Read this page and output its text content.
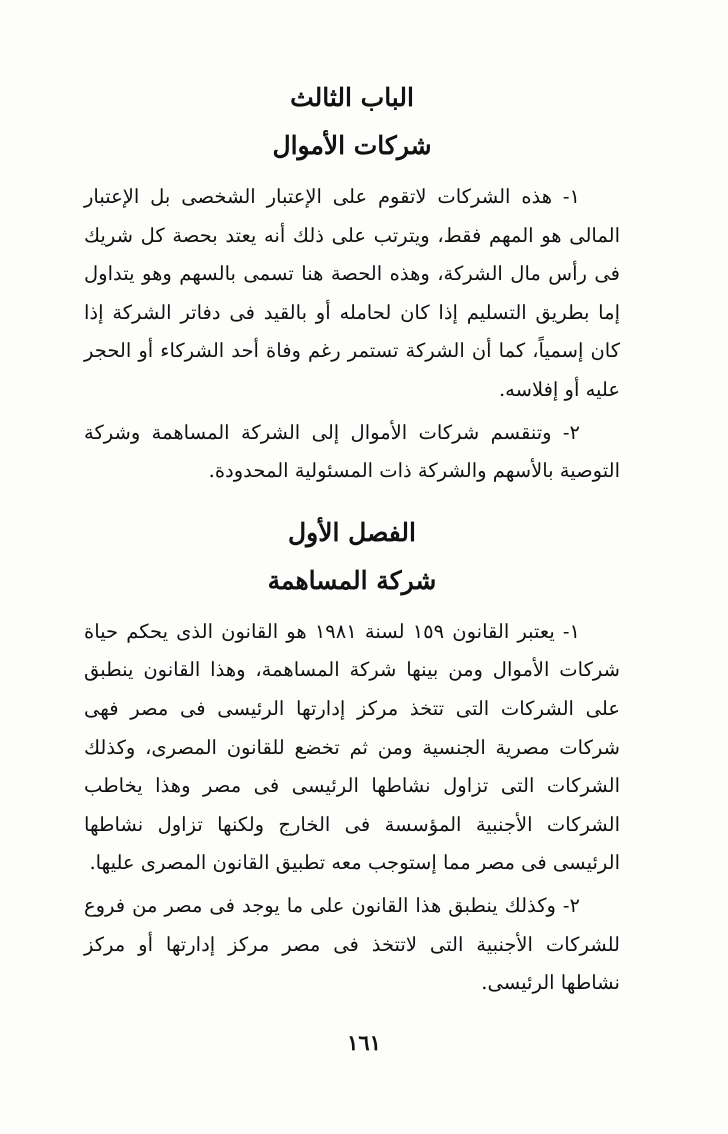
الباب الثالث
شركات الأموال

١- هذه الشركات لاتقوم على الإعتبار الشخصى بل الإعتبار المالى هو المهم فقط، ويترتب على ذلك أنه يعتد بحصة كل شريك فى رأس مال الشركة، وهذه الحصة هنا تسمى بالسهم وهو يتداول إما بطريق التسليم إذا كان لحامله أو بالقيد فى دفاتر الشركة إذا كان إسمياً، كما أن الشركة تستمر رغم وفاة أحد الشركاء أو الحجر عليه أو إفلاسه.

٢- وتنقسم شركات الأموال إلى الشركة المساهمة وشركة التوصية بالأسهم والشركة ذات المسئولية المحدودة.

الفصل الأول
شركة المساهمة

١- يعتبر القانون ١٥٩ لسنة ١٩٨١ هو القانون الذى يحكم حياة شركات الأموال ومن بينها شركة المساهمة، وهذا القانون ينطبق على الشركات التى تتخذ مركز إدارتها الرئيسى فى مصر فهى شركات مصرية الجنسية ومن ثم تخضع للقانون المصرى، وكذلك الشركات التى تزاول نشاطها الرئيسى فى مصر وهذا يخاطب الشركات الأجنبية المؤسسة فى الخارج ولكنها تزاول نشاطها الرئيسى فى مصر مما إستوجب معه تطبيق القانون المصرى عليها.

٢- وكذلك ينطبق هذا القانون على ما يوجد فى مصر من فروع للشركات الأجنبية التى لاتتخذ فى مصر مركز إدارتها أو مركز نشاطها الرئيسى.

١٦١
